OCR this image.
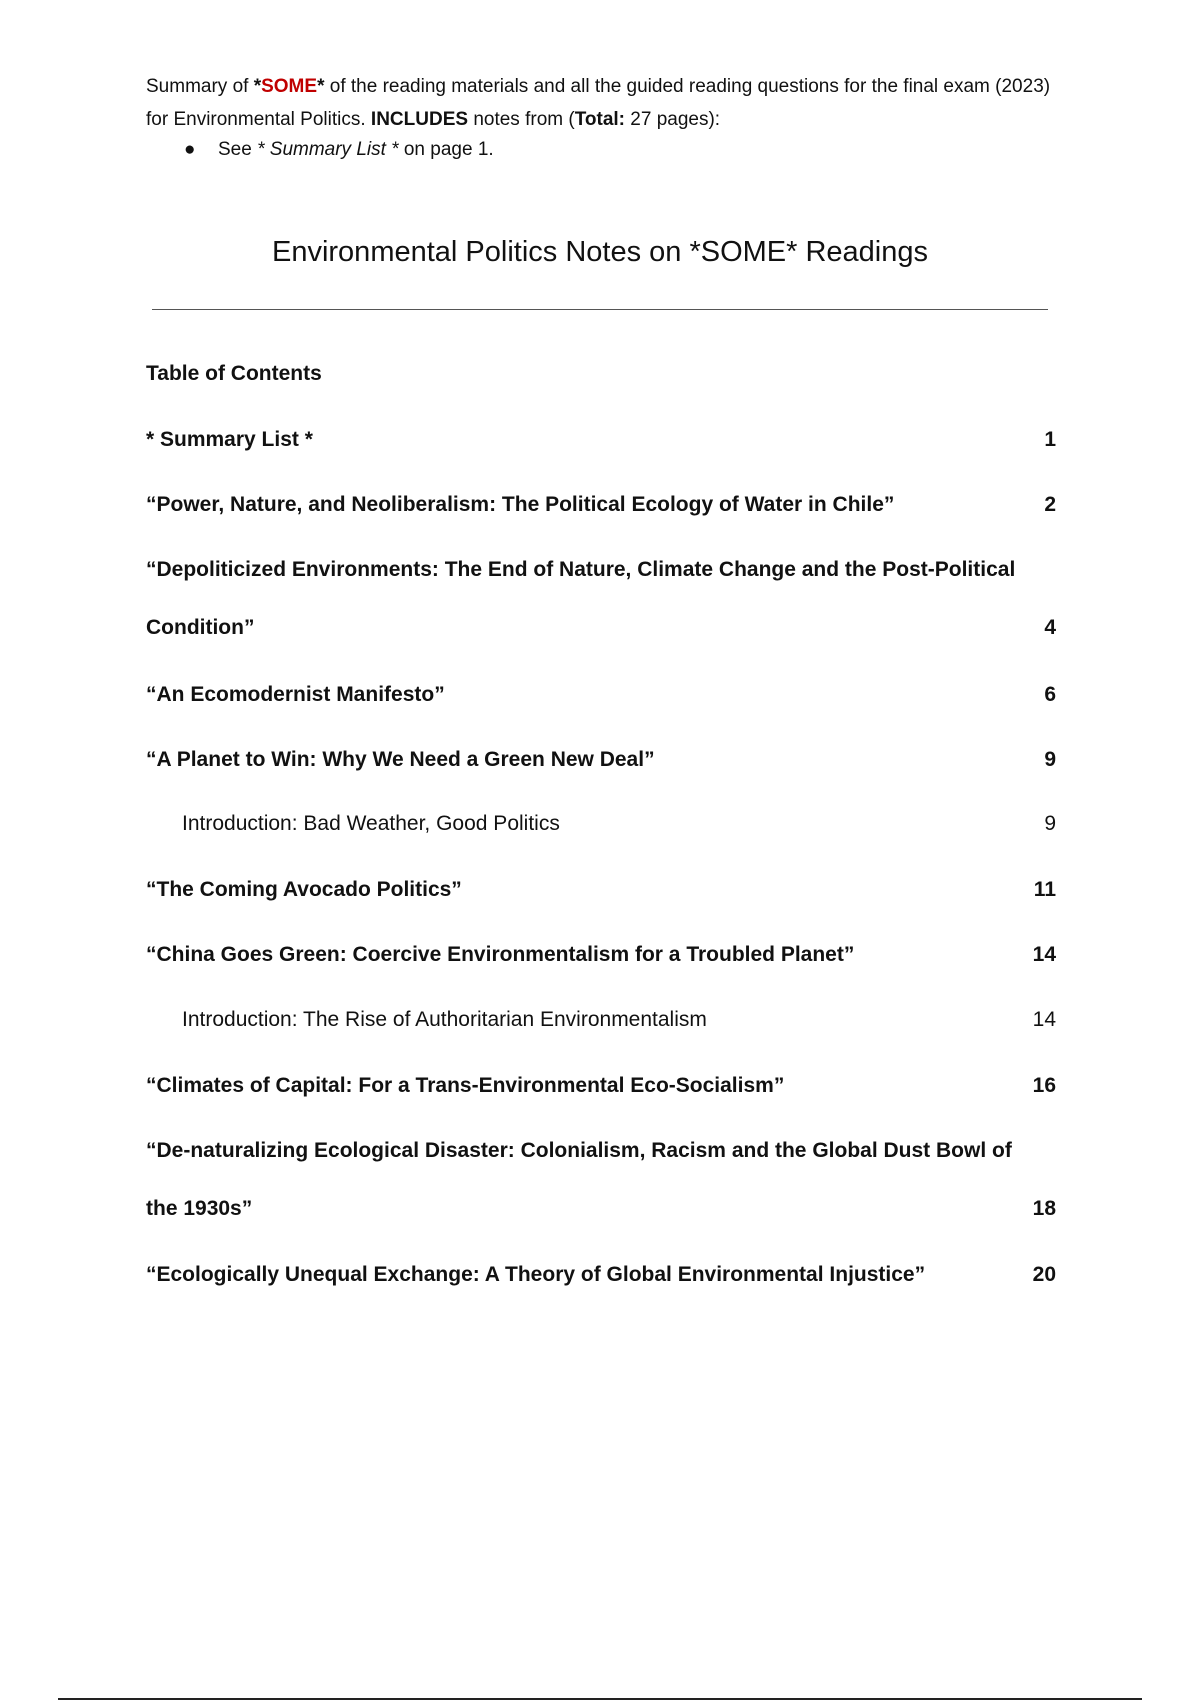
Summary of *SOME* of the reading materials and all the guided reading questions for the final exam (2023) for Environmental Politics. INCLUDES notes from (Total: 27 pages):
● See * Summary List * on page 1.
Environmental Politics Notes on *SOME* Readings
Table of Contents
* Summary List *	1
“Power, Nature, and Neoliberalism: The Political Ecology of Water in Chile”	2
“Depoliticized Environments: The End of Nature, Climate Change and the Post-Political Condition”	4
“An Ecomodernist Manifesto”	6
“A Planet to Win: Why We Need a Green New Deal”	9
Introduction: Bad Weather, Good Politics	9
“The Coming Avocado Politics”	11
“China Goes Green: Coercive Environmentalism for a Troubled Planet”	14
Introduction: The Rise of Authoritarian Environmentalism	14
“Climates of Capital: For a Trans-Environmental Eco-Socialism”	16
“De-naturalizing Ecological Disaster: Colonialism, Racism and the Global Dust Bowl of the 1930s”	18
“Ecologically Unequal Exchange: A Theory of Global Environmental Injustice”	20
